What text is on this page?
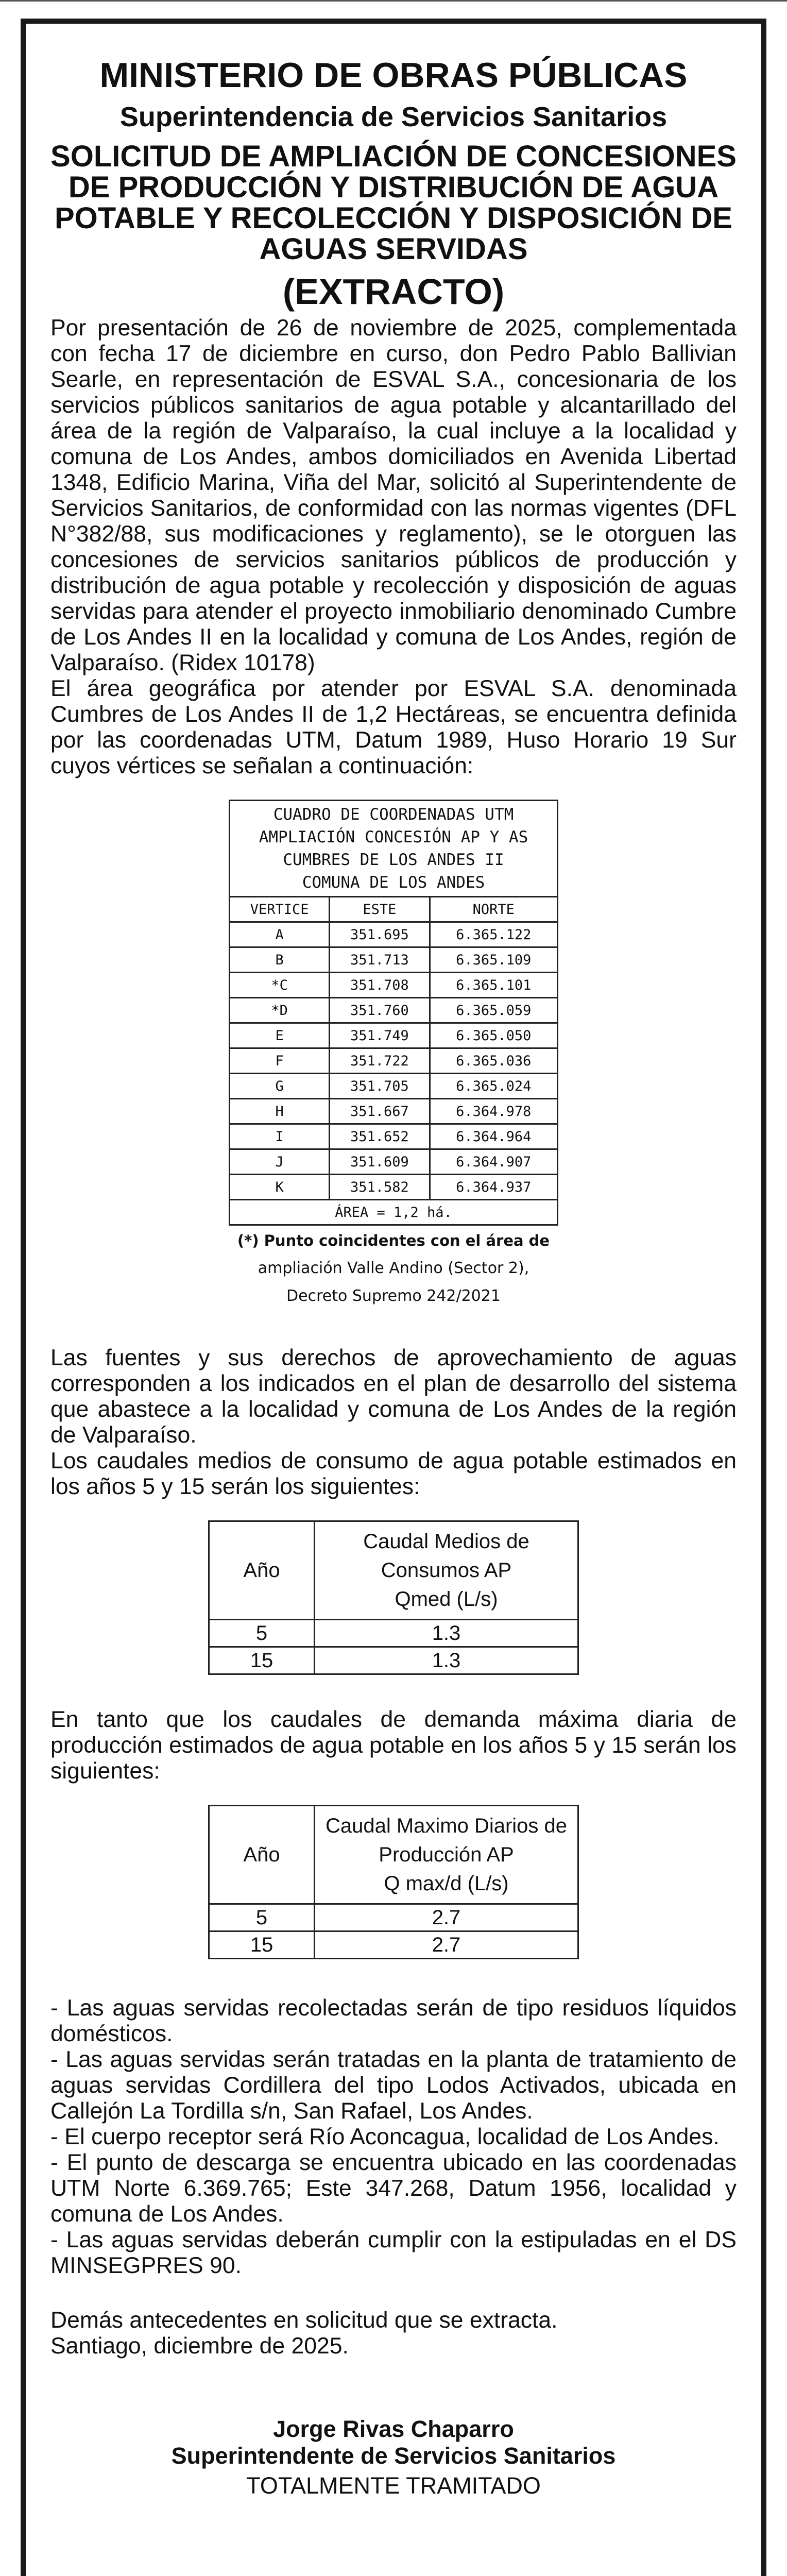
MINISTERIO DE OBRAS PÚBLICAS
Superintendencia de Servicios Sanitarios
SOLICITUD DE AMPLIACIÓN DE CONCESIONES DE PRODUCCIÓN Y DISTRIBUCIÓN DE AGUA POTABLE Y RECOLECCIÓN Y DISPOSICIÓN DE AGUAS SERVIDAS
(EXTRACTO)

Por presentación de 26 de noviembre de 2025, complementada con fecha 17 de diciembre en curso, don Pedro Pablo Ballivian Searle, en representación de ESVAL S.A., concesionaria de los servicios públicos sanitarios de agua potable y alcantarillado del área de la región de Valparaíso, la cual incluye a la localidad y comuna de Los Andes, ambos domiciliados en Avenida Libertad 1348, Edificio Marina, Viña del Mar, solicitó al Superintendente de Servicios Sanitarios, de conformidad con las normas vigentes (DFL N°382/88, sus modificaciones y reglamento), se le otorguen las concesiones de servicios sanitarios públicos de producción y distribución de agua potable y recolección y disposición de aguas servidas para atender el proyecto inmobiliario denominado Cumbre de Los Andes II en la localidad y comuna de Los Andes, región de Valparaíso. (Ridex 10178)

El área geográfica por atender por ESVAL S.A. denominada Cumbres de Los Andes II de 1,2 Hectáreas, se encuentra definida por las coordenadas UTM, Datum 1989, Huso Horario 19 Sur cuyos vértices se señalan a continuación:

CUADRO DE COORDENADAS UTM
AMPLIACIÓN CONCESIÓN AP Y AS
CUMBRES DE LOS ANDES II
COMUNA DE LOS ANDES		

VERTICE	ESTE	NORTE
A	351.695	6.365.122
B	351.713	6.365.109
*C	351.708	6.365.101
*D	351.760	6.365.059
E	351.749	6.365.050
F	351.722	6.365.036
G	351.705	6.365.024
H	351.667	6.364.978
I	351.652	6.364.964
J	351.609	6.364.907
K	351.582	6.364.937
ÁREA = 1,2 há.		
(*) Punto coincidentes con el área de
ampliación Valle Andino (Sector 2),
Decreto Supremo 242/2021

Las fuentes y sus derechos de aprovechamiento de aguas corresponden a los indicados en el plan de desarrollo del sistema que abastece a la localidad y comuna de Los Andes de la región de Valparaíso.

Los caudales medios de consumo de agua potable estimados en los años 5 y 15 serán los siguientes:

Año	Caudal Medios de
Consumos AP
Qmed (L/s)

5	1.3
15	1.3

En tanto que los caudales de demanda máxima diaria de producción estimados de agua potable en los años 5 y 15 serán los siguientes:

Año	Caudal Maximo Diarios de
Producción AP
Q max/d (L/s)

5	2.7
15	2.7

- Las aguas servidas recolectadas serán de tipo residuos líquidos domésticos.

- Las aguas servidas serán tratadas en la planta de tratamiento de aguas servidas Cordillera del tipo Lodos Activados, ubicada en Callejón La Tordilla s/n, San Rafael, Los Andes.

- El cuerpo receptor será Río Aconcagua, localidad de Los Andes.

- El punto de descarga se encuentra ubicado en las coordenadas UTM Norte 6.369.765; Este 347.268, Datum 1956, localidad y comuna de Los Andes.

- Las aguas servidas deberán cumplir con la estipuladas en el DS MINSEGPRES 90.

Demás antecedentes en solicitud que se extracta.

Santiago, diciembre de 2025.

Jorge Rivas Chaparro
Superintendente de Servicios Sanitarios
TOTALMENTE TRAMITADO
